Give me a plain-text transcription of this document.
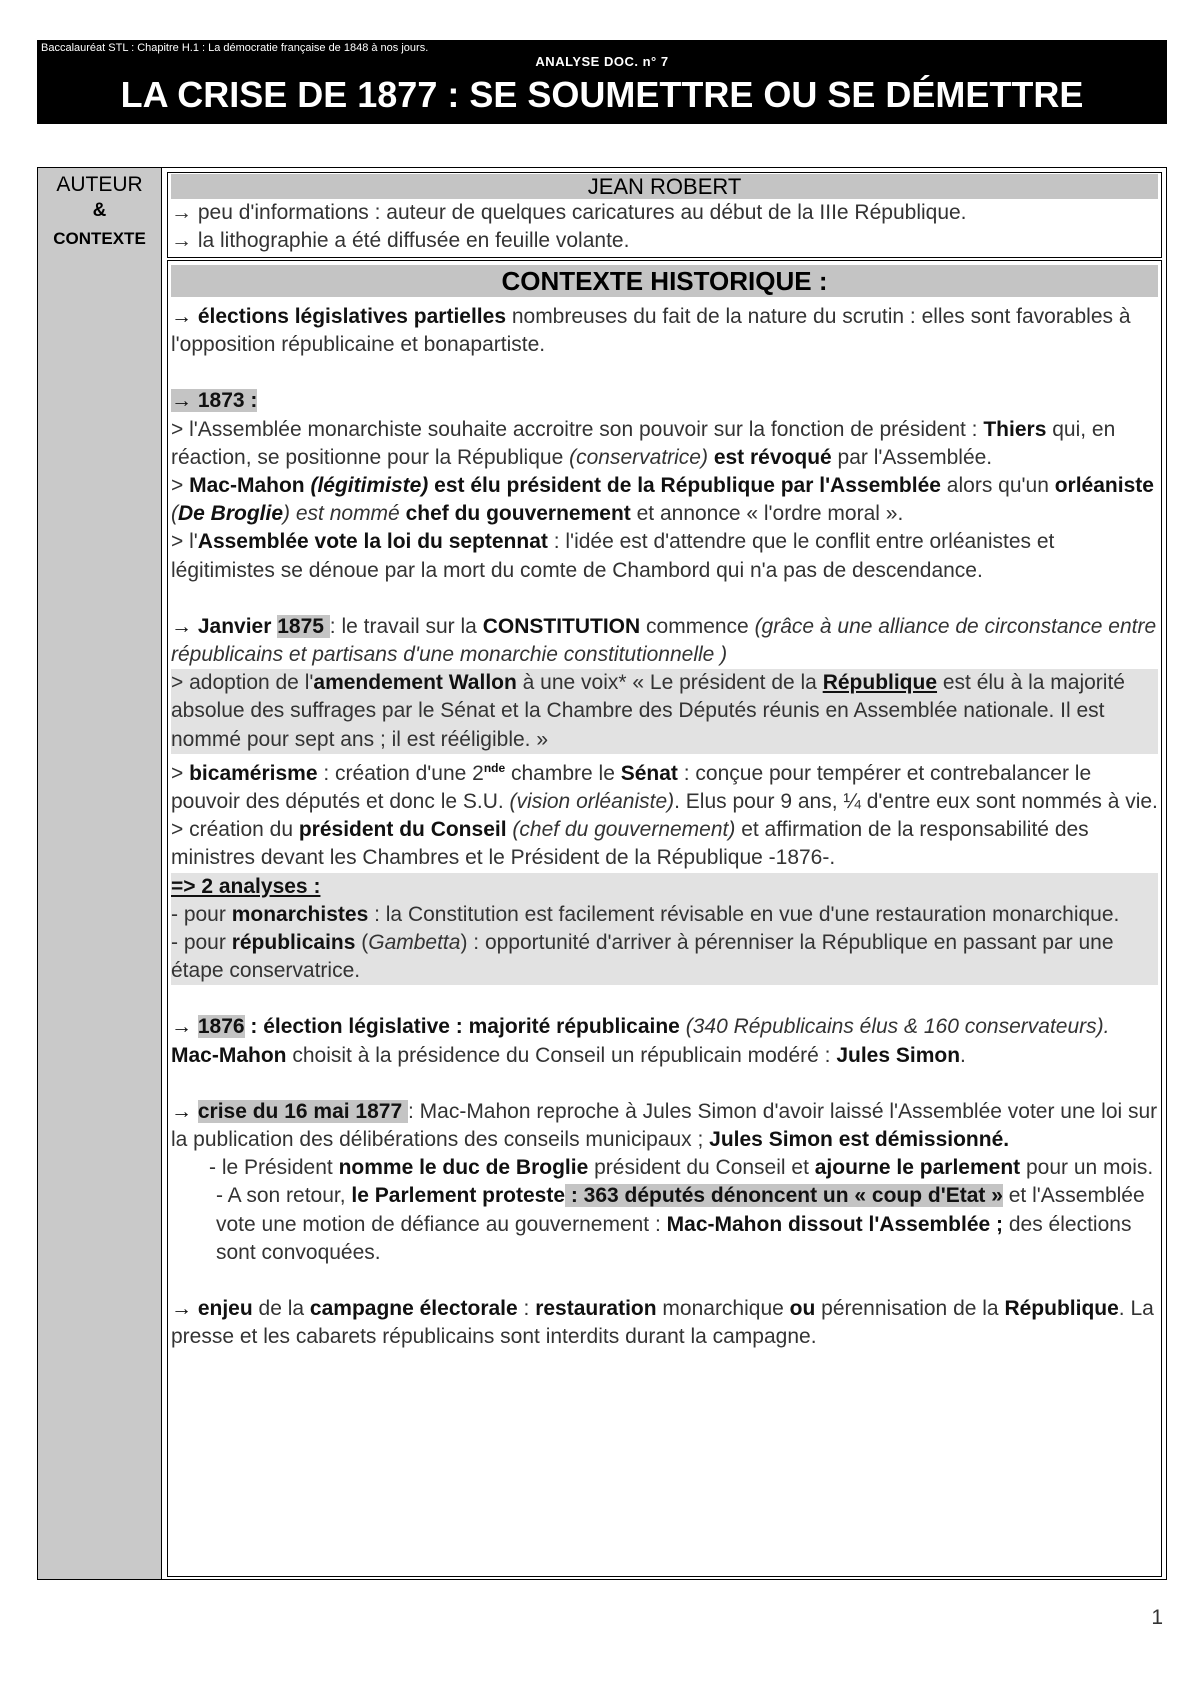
Baccalauréat STL : Chapitre H.1 : La démocratie française de 1848 à nos jours.
ANALYSE DOC. n° 7
LA CRISE DE 1877 : SE SOUMETTRE OU SE DÉMETTRE
AUTEUR
&
CONTEXTE
JEAN ROBERT
→ peu d'informations : auteur de quelques caricatures au début de la IIIe République.
→ la lithographie a été diffusée en feuille volante.
CONTEXTE HISTORIQUE :

→ élections législatives partielles nombreuses du fait de la nature du scrutin : elles sont favorables à l'opposition républicaine et bonapartiste.

→ 1873 :

> l'Assemblée monarchiste souhaite accroitre son pouvoir sur la fonction de président : Thiers qui, en réaction, se positionne pour la République (conservatrice) est révoqué par l'Assemblée.

> Mac-Mahon (légitimiste) est élu président de la République par l'Assemblée alors qu'un orléaniste (De Broglie) est nommé chef du gouvernement et annonce « l'ordre moral ».

> l'Assemblée vote la loi du septennat : l'idée est d'attendre que le conflit entre orléanistes et légitimistes se dénoue par la mort du comte de Chambord qui n'a pas de descendance.

→ Janvier 1875 : le travail sur la CONSTITUTION commence (grâce à une alliance de circonstance entre républicains et partisans d'une monarchie constitutionnelle )

> adoption de l'amendement Wallon à une voix* « Le président de la République est élu à la majorité absolue des suffrages par le Sénat et la Chambre des Députés réunis en Assemblée nationale. Il est nommé pour sept ans ; il est rééligible. »

> bicamérisme : création d'une 2nde chambre le Sénat : conçue pour tempérer et contrebalancer le pouvoir des députés et donc le S.U. (vision orléaniste). Elus pour 9 ans, ¼ d'entre eux sont nommés à vie.

> création du président du Conseil (chef du gouvernement) et affirmation de la responsabilité des ministres devant les Chambres et le Président de la République -1876-.

=> 2 analyses :

- pour monarchistes : la Constitution est facilement révisable en vue d'une restauration monarchique.

- pour républicains (Gambetta) : opportunité d'arriver à pérenniser la République en passant par une étape conservatrice.

→ 1876 : élection législative : majorité républicaine (340 Républicains élus & 160 conservateurs). Mac-Mahon choisit à la présidence du Conseil un républicain modéré : Jules Simon.

→ crise du 16 mai 1877 : Mac-Mahon reproche à Jules Simon d'avoir laissé l'Assemblée voter une loi sur la publication des délibérations des conseils municipaux ; Jules Simon est démissionné.

- le Président nomme le duc de Broglie président du Conseil et ajourne le parlement pour un mois.

- A son retour, le Parlement proteste : 363 députés dénoncent un « coup d'Etat » et l'Assemblée vote une motion de défiance au gouvernement : Mac-Mahon dissout l'Assemblée ; des élections sont convoquées.

→ enjeu de la campagne électorale : restauration monarchique ou pérennisation de la République. La presse et les cabarets républicains sont interdits durant la campagne.

1
